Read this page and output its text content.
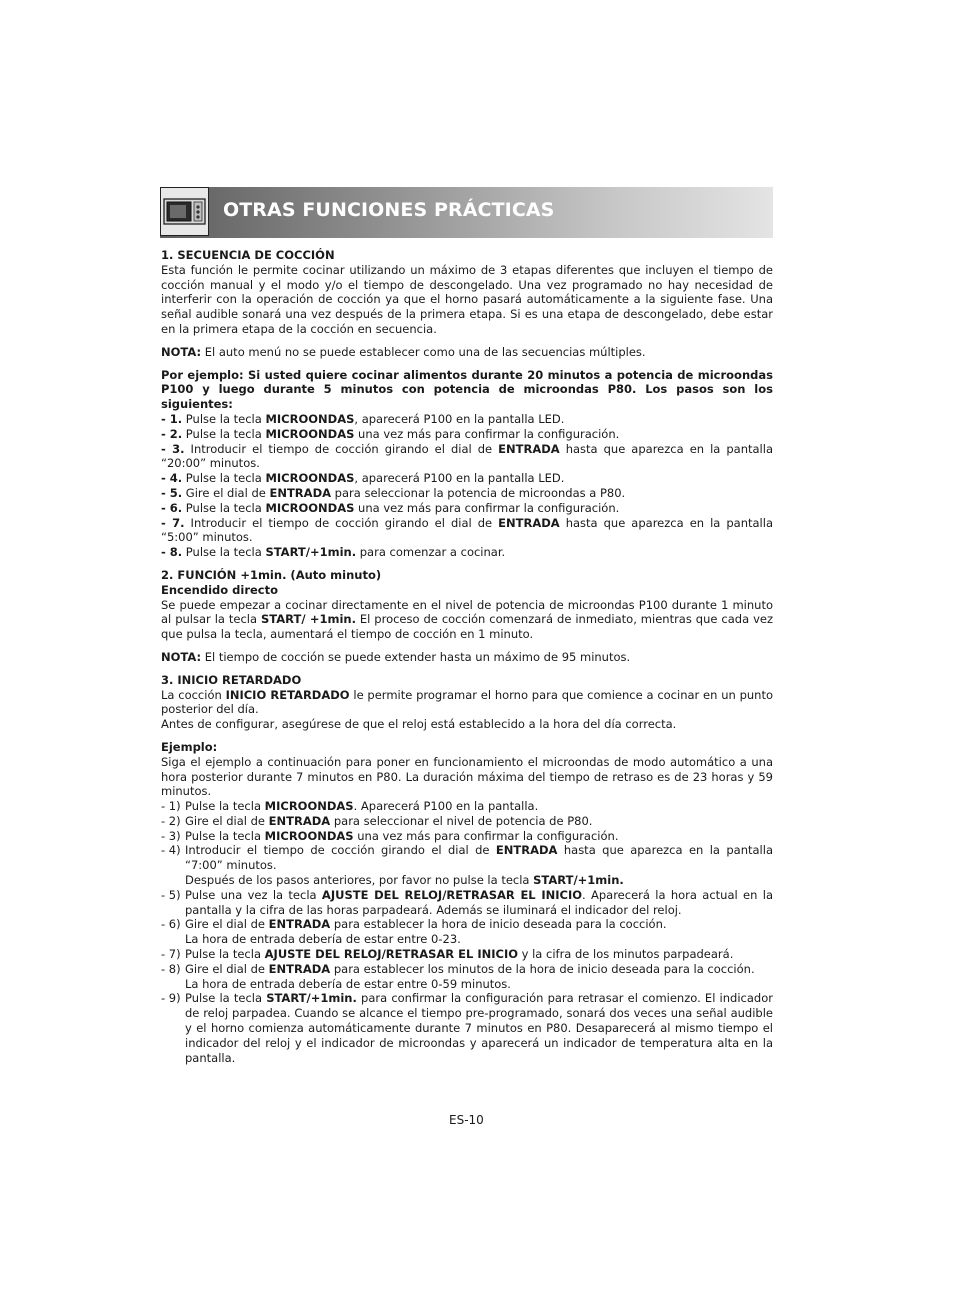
OTRAS FUNCIONES PRÁCTICAS

1. SECUENCIA DE COCCIÓN

Esta función le permite cocinar utilizando un máximo de 3 etapas diferentes que incluyen el tiempo de cocción manual y el modo y/o el tiempo de descongelado. Una vez programado no hay necesidad de interferir con la operación de cocción ya que el horno pasará automáticamente a la siguiente fase. Una señal audible sonará una vez después de la primera etapa. Si es una etapa de descongelado, debe estar en la primera etapa de la cocción en secuencia.

NOTA: El auto menú no se puede establecer como una de las secuencias múltiples.

Por ejemplo: Si usted quiere cocinar alimentos durante 20 minutos a potencia de microondas P100 y luego durante 5 minutos con potencia de microondas P80. Los pasos son los siguientes:

- 1. Pulse la tecla MICROONDAS, aparecerá P100 en la pantalla LED.

- 2. Pulse la tecla MICROONDAS una vez más para confirmar la configuración.

- 3. Introducir el tiempo de cocción girando el dial de ENTRADA hasta que aparezca en la pantalla “20:00” minutos.

- 4. Pulse la tecla MICROONDAS, aparecerá P100 en la pantalla LED.

- 5. Gire el dial de ENTRADA para seleccionar la potencia de microondas a P80.

- 6. Pulse la tecla MICROONDAS una vez más para confirmar la configuración.

- 7. Introducir el tiempo de cocción girando el dial de ENTRADA hasta que aparezca en la pantalla “5:00” minutos.

- 8. Pulse la tecla START/+1min. para comenzar a cocinar.

2. FUNCIÓN +1min. (Auto minuto)

Encendido directo

Se puede empezar a cocinar directamente en el nivel de potencia de microondas P100 durante 1 minuto al pulsar la tecla START/ +1min. El proceso de cocción comenzará de inmediato, mientras que cada vez que pulsa la tecla, aumentará el tiempo de cocción en 1 minuto.

NOTA: El tiempo de cocción se puede extender hasta un máximo de 95 minutos.

3. INICIO RETARDADO

La cocción INICIO RETARDADO le permite programar el horno para que comience a cocinar en un punto posterior del día.

Antes de configurar, asegúrese de que el reloj está establecido a la hora del día correcta.

Ejemplo:

Siga el ejemplo a continuación para poner en funcionamiento el microondas de modo automático a una hora posterior durante 7 minutos en P80. La duración máxima del tiempo de retraso es de 23 horas y 59 minutos.

- 1) Pulse la tecla MICROONDAS. Aparecerá P100 en la pantalla.
- 2) Gire el dial de ENTRADA para seleccionar el nivel de potencia de P80.
- 3) Pulse la tecla MICROONDAS una vez más para confirmar la configuración.
- 4) Introducir el tiempo de cocción girando el dial de ENTRADA hasta que aparezca en la pantalla “7:00” minutos.
Después de los pasos anteriores, por favor no pulse la tecla START/+1min.
- 5) Pulse una vez la tecla AJUSTE DEL RELOJ/RETRASAR EL INICIO. Aparecerá la hora actual en la pantalla y la cifra de las horas parpadeará. Además se iluminará el indicador del reloj.
- 6) Gire el dial de ENTRADA para establecer la hora de inicio deseada para la cocción.
La hora de entrada debería de estar entre 0-23.
- 7) Pulse la tecla AJUSTE DEL RELOJ/RETRASAR EL INICIO y la cifra de los minutos parpadeará.
- 8) Gire el dial de ENTRADA para establecer los minutos de la hora de inicio deseada para la cocción.
La hora de entrada debería de estar entre 0-59 minutos.
- 9) Pulse la tecla START/+1min. para confirmar la configuración para retrasar el comienzo. El indicador de reloj parpadea. Cuando se alcance el tiempo pre-programado, sonará dos veces una señal audible y el horno comienza automáticamente durante 7 minutos en P80. Desaparecerá al mismo tiempo el indicador del reloj y el indicador de microondas y aparecerá un indicador de temperatura alta en la pantalla.
ES-10
